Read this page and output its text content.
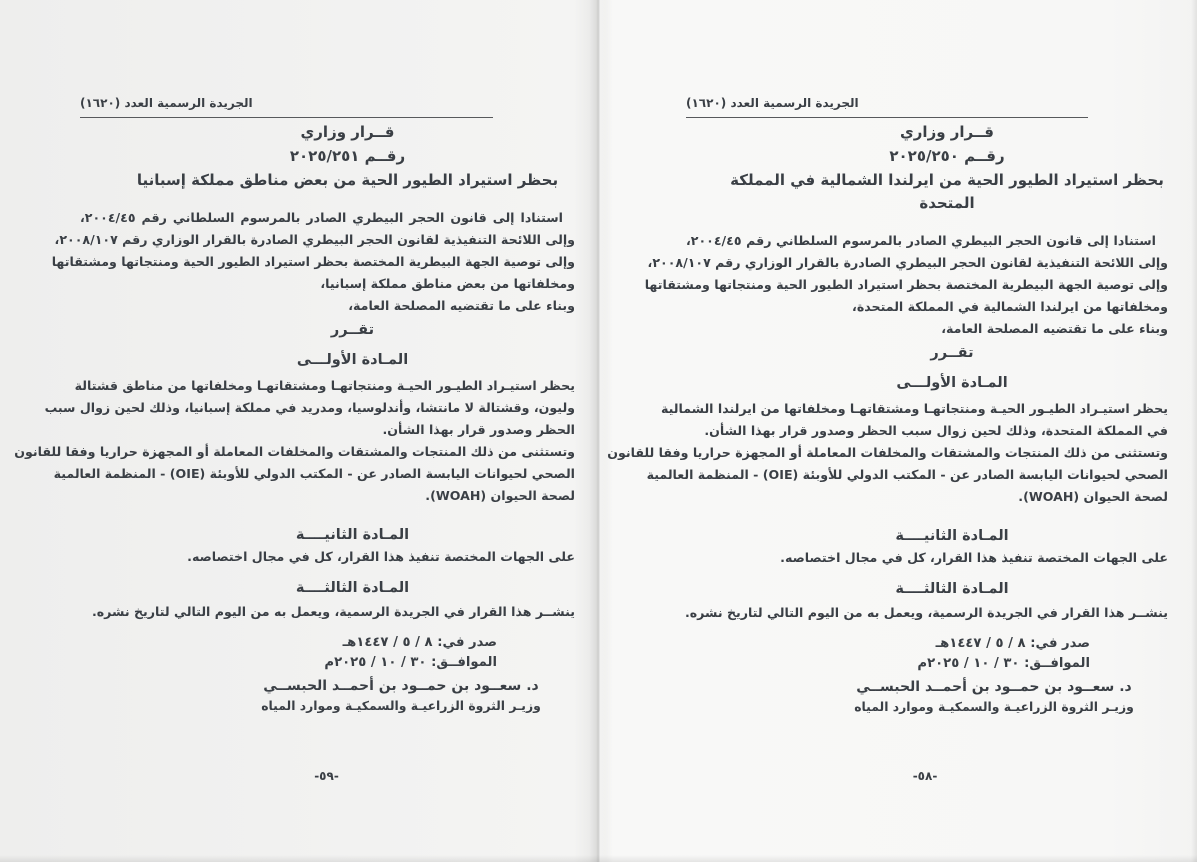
الجريدة الرسمية العدد (١٦٢٠)
قــرار وزاري
رقــم ٢٠٢٥/٢٥١
بحظر استيراد الطيور الحية من بعض مناطق مملكة إسبانيا
استنادا إلى قانون الحجر البيطري الصادر بالمرسوم السلطاني رقم ٢٠٠٤/٤٥،
وإلى اللائحة التنفيذية لقانون الحجر البيطري الصادرة بالقرار الوزاري رقم ٢٠٠٨/١٠٧،
وإلى توصية الجهة البيطرية المختصة بحظر استيراد الطيور الحية ومنتجاتها ومشتقاتها
ومخلفاتها من بعض مناطق مملكة إسبانيا،
وبناء على ما تقتضيه المصلحة العامة،
تقــرر
المـادة الأولـــى
يحظر استيـراد الطيـور الحيـة ومنتجاتهـا ومشتقاتهـا ومخلفاتها من مناطق قشتالة
وليون، وقشتالة لا مانتشا، وأندلوسيا، ومدريد في مملكة إسبانيا، وذلك لحين زوال سبب
الحظر وصدور قرار بهذا الشأن.
وتستثنى من ذلك المنتجات والمشتقات والمخلفات المعاملة أو المجهزة حراريا وفقا للقانون
الصحي لحيوانات اليابسة الصادر عن - المكتب الدولي للأوبئة (OIE) - المنظمة العالمية
لصحة الحيوان (WOAH).
المـادة الثانيــــة
على الجهات المختصة تنفيذ هذا القرار، كل في مجال اختصاصه.
المـادة الثالثــــة
ينشــر هذا القرار في الجريدة الرسمية، ويعمل به من اليوم التالي لتاريخ نشره.
صدر في: ٨ / ٥ / ١٤٤٧هـ
الموافــق: ٣٠ / ١٠ / ٢٠٢٥م
د. سعــود بن حمــود بن أحمــد الحبســي
وزيـر الثروة الزراعيـة والسمكيـة وموارد المياه
-٥٩-
الجريدة الرسمية العدد (١٦٢٠)
قــرار وزاري
رقــم ٢٠٢٥/٢٥٠
بحظر استيراد الطيور الحية من ايرلندا الشمالية في المملكة المتحدة
استنادا إلى قانون الحجر البيطري الصادر بالمرسوم السلطاني رقم ٢٠٠٤/٤٥،
وإلى اللائحة التنفيذية لقانون الحجر البيطري الصادرة بالقرار الوزاري رقم ٢٠٠٨/١٠٧،
وإلى توصية الجهة البيطرية المختصة بحظر استيراد الطيور الحية ومنتجاتها ومشتقاتها
ومخلفاتها من ايرلندا الشمالية في المملكة المتحدة،
وبناء على ما تقتضيه المصلحة العامة،
تقــرر
المـادة الأولـــى
يحظر استيـراد الطيـور الحيـة ومنتجاتهـا ومشتقاتهـا ومخلفاتها من ايرلندا الشمالية
في المملكة المتحدة، وذلك لحين زوال سبب الحظر وصدور قرار بهذا الشأن.
وتستثنى من ذلك المنتجات والمشتقات والمخلفات المعاملة أو المجهزة حراريا وفقا للقانون
الصحي لحيوانات اليابسة الصادر عن - المكتب الدولي للأوبئة (OIE) - المنظمة العالمية
لصحة الحيوان (WOAH).
المـادة الثانيــــة
على الجهات المختصة تنفيذ هذا القرار، كل في مجال اختصاصه.
المـادة الثالثــــة
ينشــر هذا القرار في الجريدة الرسمية، ويعمل به من اليوم التالي لتاريخ نشره.
صدر في: ٨ / ٥ / ١٤٤٧هـ
الموافــق: ٣٠ / ١٠ / ٢٠٢٥م
د. سعــود بن حمــود بن أحمــد الحبســي
وزيـر الثروة الزراعيـة والسمكيـة وموارد المياه
-٥٨-
